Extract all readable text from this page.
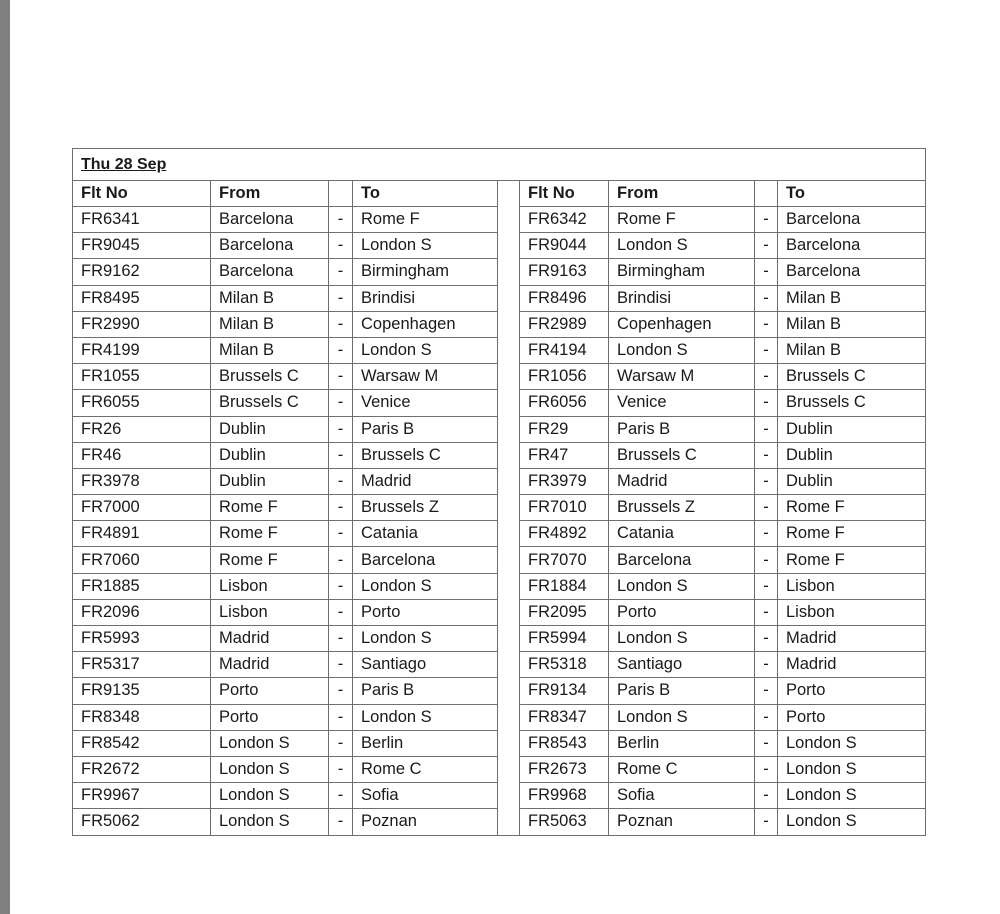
Thu 28 Sep								
Flt No	From		To		Flt No	From		To
FR6341	Barcelona	-	Rome F		FR6342	Rome F	-	Barcelona
FR9045	Barcelona	-	London S		FR9044	London S	-	Barcelona
FR9162	Barcelona	-	Birmingham		FR9163	Birmingham	-	Barcelona
FR8495	Milan B	-	Brindisi		FR8496	Brindisi	-	Milan B
FR2990	Milan B	-	Copenhagen		FR2989	Copenhagen	-	Milan B
FR4199	Milan B	-	London S		FR4194	London S	-	Milan B
FR1055	Brussels C	-	Warsaw M		FR1056	Warsaw M	-	Brussels C
FR6055	Brussels C	-	Venice		FR6056	Venice	-	Brussels C
FR26	Dublin	-	Paris B		FR29	Paris B	-	Dublin
FR46	Dublin	-	Brussels C		FR47	Brussels C	-	Dublin
FR3978	Dublin	-	Madrid		FR3979	Madrid	-	Dublin
FR7000	Rome F	-	Brussels Z		FR7010	Brussels Z	-	Rome F
FR4891	Rome F	-	Catania		FR4892	Catania	-	Rome F
FR7060	Rome F	-	Barcelona		FR7070	Barcelona	-	Rome F
FR1885	Lisbon	-	London S		FR1884	London S	-	Lisbon
FR2096	Lisbon	-	Porto		FR2095	Porto	-	Lisbon
FR5993	Madrid	-	London S		FR5994	London S	-	Madrid
FR5317	Madrid	-	Santiago		FR5318	Santiago	-	Madrid
FR9135	Porto	-	Paris B		FR9134	Paris B	-	Porto
FR8348	Porto	-	London S		FR8347	London S	-	Porto
FR8542	London S	-	Berlin		FR8543	Berlin	-	London S
FR2672	London S	-	Rome C		FR2673	Rome C	-	London S
FR9967	London S	-	Sofia		FR9968	Sofia	-	London S
FR5062	London S	-	Poznan		FR5063	Poznan	-	London S
